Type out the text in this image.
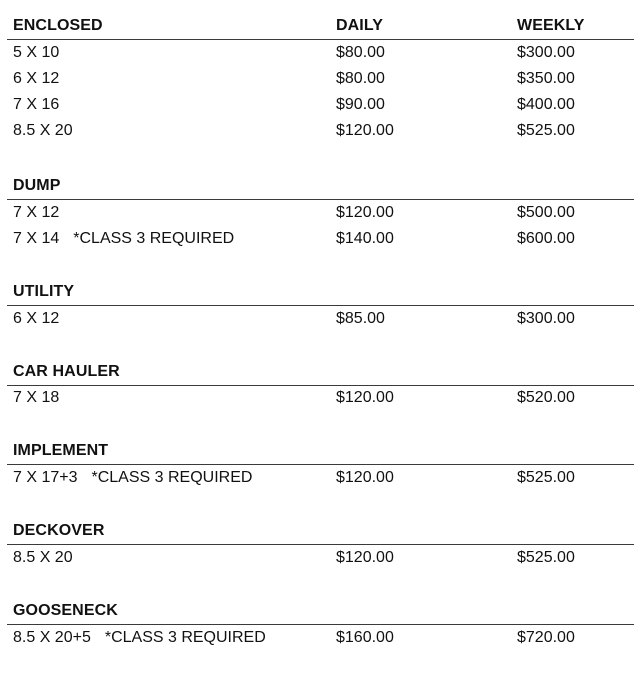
ENCLOSED	DAILY	WEEKLY
5 X 10	$80.00	$300.00
6 X 12	$80.00	$350.00
7 X 16	$90.00	$400.00
8.5 X 20	$120.00	$525.00
DUMP
7 X 12	$120.00	$500.00
7 X 14 *CLASS 3 REQUIRED	$140.00	$600.00
UTILITY
6 X 12	$85.00	$300.00
CAR HAULER
7 X 18	$120.00	$520.00
IMPLEMENT
7 X 17+3 *CLASS 3 REQUIRED	$120.00	$525.00
DECKOVER
8.5 X 20	$120.00	$525.00
GOOSENECK
8.5 X 20+5 *CLASS 3 REQUIRED	$160.00	$720.00
